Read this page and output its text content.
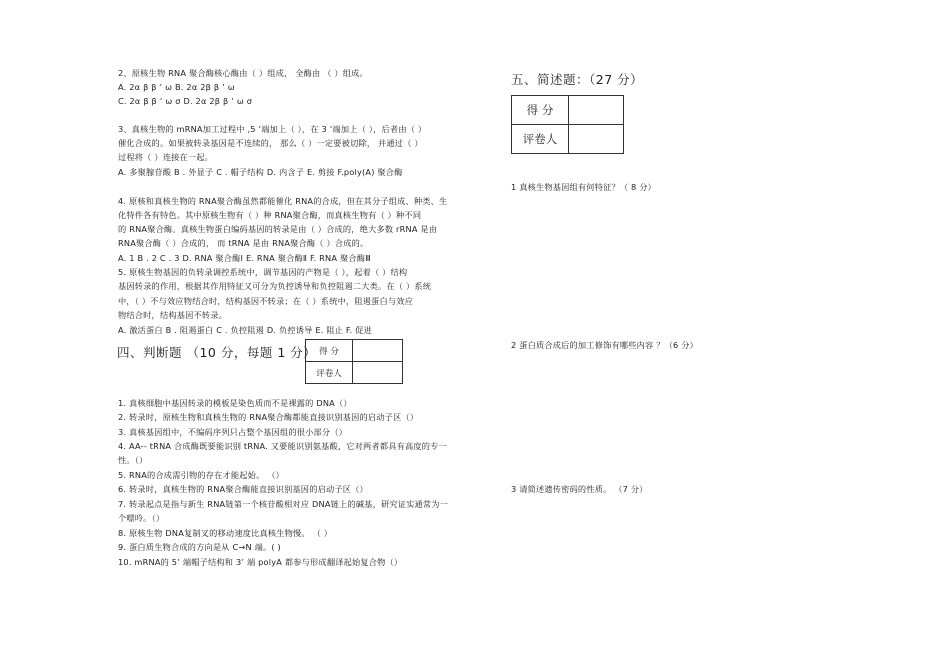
2、原核生物 RNA 聚合酶核心酶由（ ）组成， 全酶由 （ ）组成。
A. 2α β β ’ ω B. 2α 2β β ’ ω
C. 2α β β ’ ω σ D. 2α 2β β ’ ω σ
3、真核生物的 mRNA加工过程中 ,5 ’端加上（ ），在 3 ’端加上（ ），后者由（ ）
催化合成的。如果被转录基因是不连续的， 那么（ ）一定要被切除， 并通过（ ）
过程将（ ）连接在一起。
A. 多聚腺苷酸 B . 外显子 C . 帽子结构 D. 内含子 E. 剪接 F.poly(A) 聚合酶
4. 原核和真核生物的 RNA聚合酶虽然都能催化 RNA的合成，但在其分子组成、种类、生
化特件各有特色。其中原核生物有（ ）种 RNA聚合酶，而真核生物有（ ）种不同
的 RNA聚合酶。真核生物蛋白编码基因的转录是由（ ）合成的，绝大多数 rRNA 是由
RNA聚合酶（ ）合成的， 而 tRNA 是由 RNA聚合酶（ ）合成的。
A. 1 B . 2 C . 3 D. RNA 聚合酶Ⅰ E. RNA 聚合酶Ⅱ F. RNA 聚合酶Ⅲ
5. 原核生物基因的负转录调控系统中，调节基因的产物是（ ），起着（ ）结构
基因转录的作用，根据其作用特征又可分为负控诱导和负控阻遏二大类。在（ ）系统
中，（ ）不与效应物结合时，结构基因不转录；在（ ）系统中，阻遏蛋白与效应
物结合时，结构基因不转录。
A. 激活蛋白 B . 阻遏蛋白 C . 负控阻遏 D. 负控诱导 E. 阻止 F. 促进
四、判断题 （10 分，每题 1 分） 得 分	
评卷人	
1. 真核细胞中基因转录的模板是染色质而不是裸露的 DNA（）
2. 转录时，原核生物和真核生物的 RNA聚合酶都能直接识别基因的启动子区（）
3. 真核基因组中，不编码序列只占整个基因组的很小部分（）
4. AA-- tRNA 合成酶既要能识别 tRNA. 又要能识别氨基酸，它对两者都具有高度的专一
性。（）
5. RNA的合成需引物的存在才能起始。 （）
6. 转录时，真核生物的 RNA聚合酶能直接识别基因的启动子区（）
7. 转录起点是指与新生 RNA链第一个核苷酸相对应 DNA链上的碱基，研究证实通常为一
个嘌呤。（）
8. 原核生物 DNA复制叉的移动速度比真核生物慢。 （ ）
9. 蛋白质生物合成的方向是从 C→N 端。( )
10. mRNA的 5’ 端帽子结构和 3’ 端 polyA 都参与形成翻译起始复合物（）
五、简述题：（27 分）
得 分	
评卷人	
1 真核生物基因组有何特征？（ 8 分）
2 蛋白质合成后的加工修饰有哪些内容 ？（6 分）
3 请简述遗传密码的性质。 （7 分）
